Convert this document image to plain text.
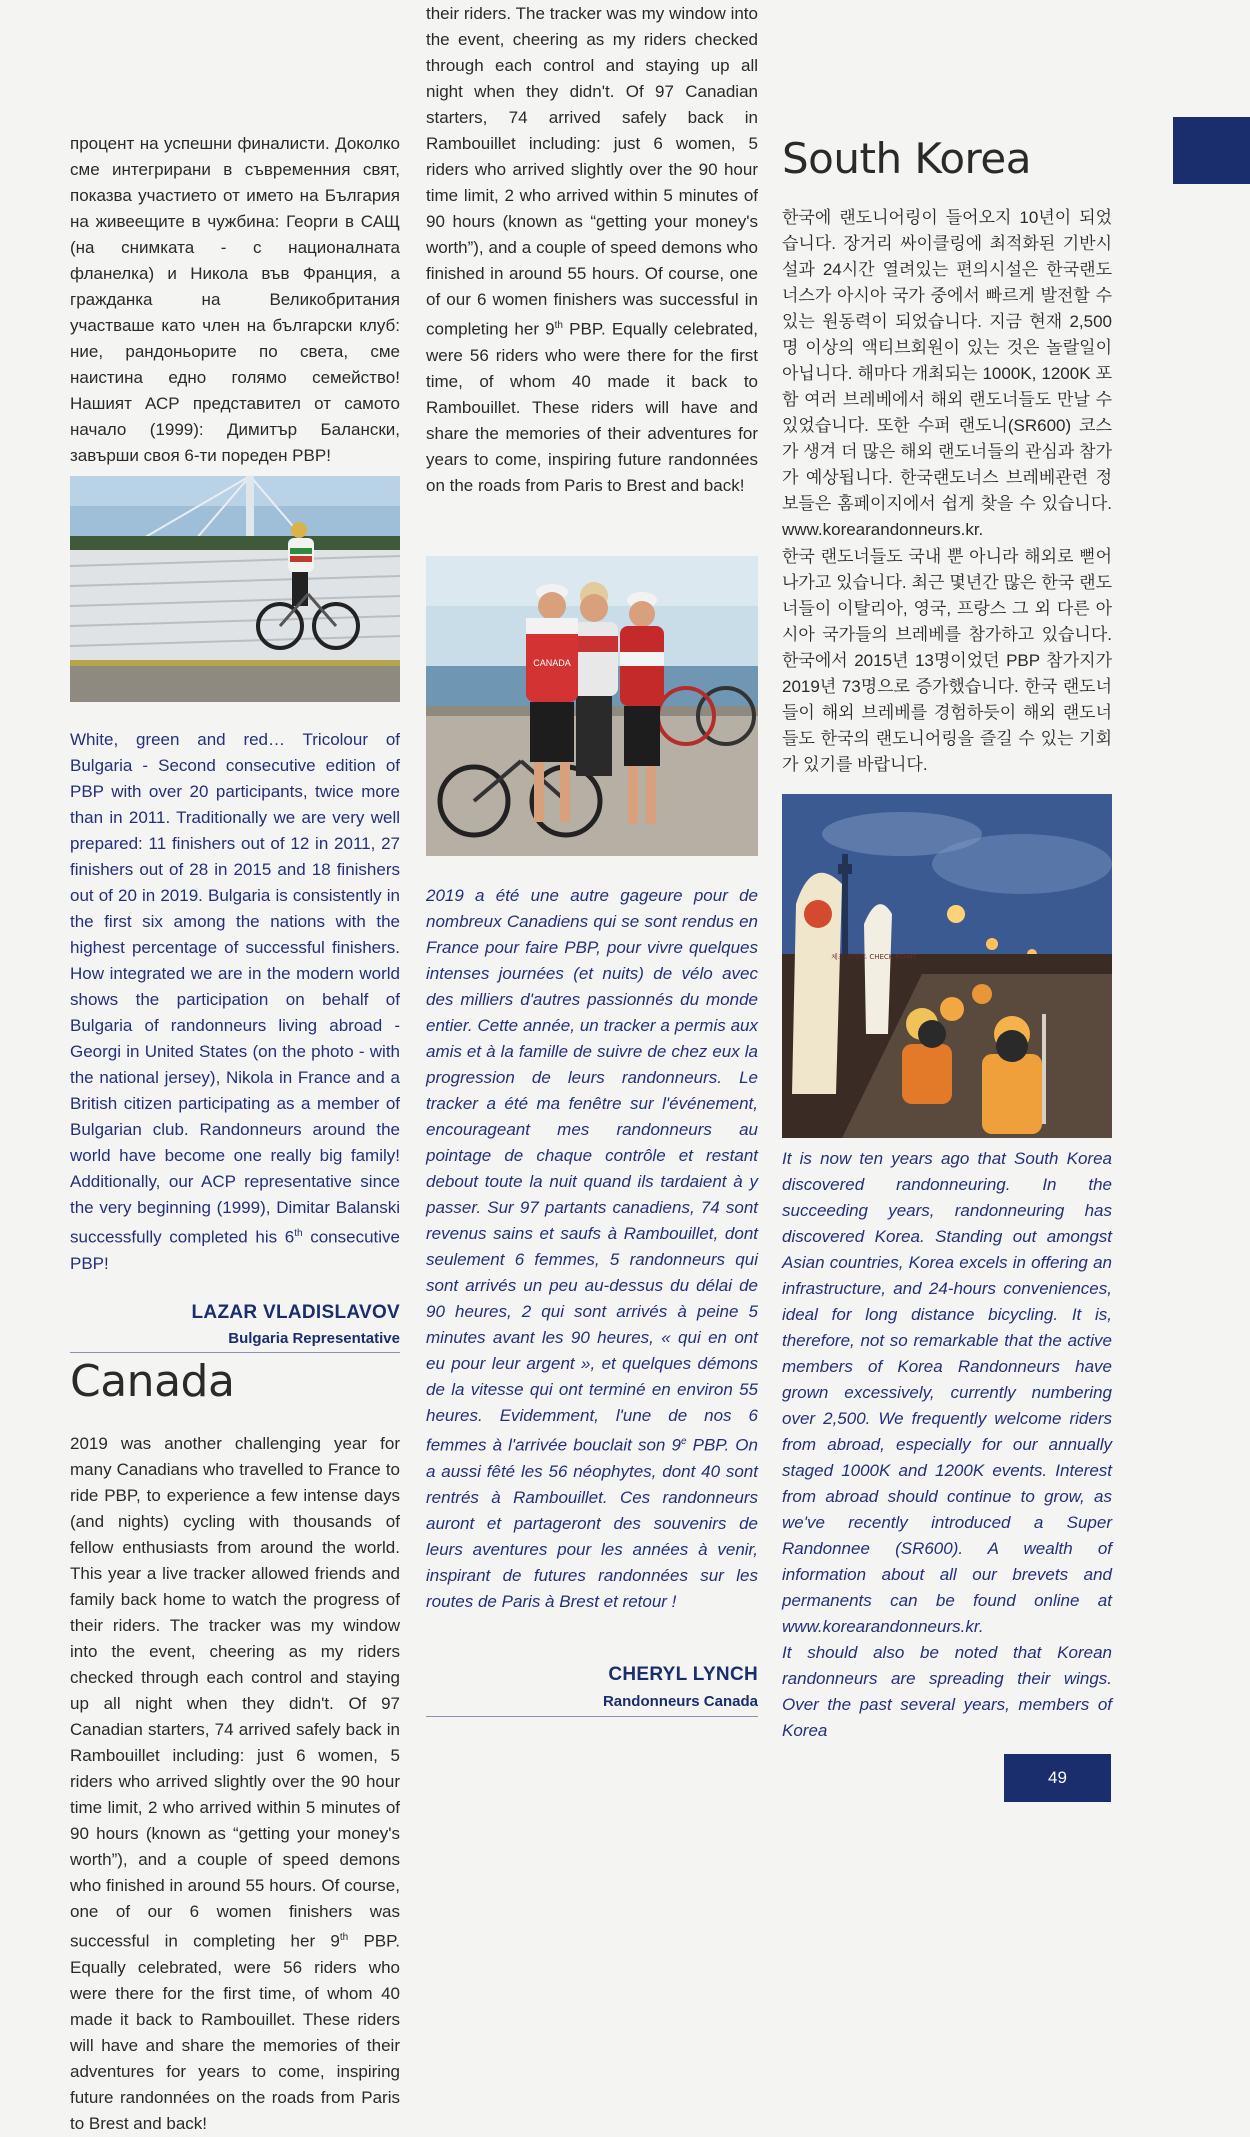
процент на успешни финалисти. Доколко сме интегрирани в съвременния свят, показва участието от името на България на живеещите в чужбина: Георги в САЩ (на снимката - с националната фланелка) и Никола във Франция, а гражданка на Великобритания участваше като член на български клуб: ние, рандоньорите по света, сме наистина едно голямо семейство! Нашият АСР представител от самото начало (1999): Димитър Балански, завърши своя 6-ти пореден PBP!

White, green and red… Tricolour of Bulgaria - Second consecutive edition of PBP with over 20 participants, twice more than in 2011. Traditionally we are very well prepared: 11 finishers out of 12 in 2011, 27 finishers out of 28 in 2015 and 18 finishers out of 20 in 2019. Bulgaria is consistently in the first six among the nations with the highest percentage of successful finishers. How integrated we are in the modern world shows the participation on behalf of Bulgaria of randonneurs living abroad - Georgi in United States (on the photo - with the national jersey), Nikola in France and a British citizen participating as a member of Bulgarian club. Randonneurs around the world have become one really big family! Additionally, our ACP representative since the very beginning (1999), Dimitar Balanski successfully completed his 6th consecutive PBP!

LAZAR VLADISLAVOV
Bulgaria Representative
Canada

2019 was another challenging year for many Canadians who travelled to France to ride PBP, to experience a few intense days (and nights) cycling with thousands of fellow enthusiasts from around the world. This year a live tracker allowed friends and family back home to watch the progress of their riders. The tracker was my window into the event, cheering as my riders checked through each control and staying up all night when they didn't. Of 97 Canadian starters, 74 arrived safely back in Rambouillet including: just 6 women, 5 riders who arrived slightly over the 90 hour time limit, 2 who arrived within 5 minutes of 90 hours (known as “getting your money's worth”), and a couple of speed demons who finished in around 55 hours. Of course, one of our 6 women finishers was successful in completing her 9th PBP. Equally celebrated, were 56 riders who were there for the first time, of whom 40 made it back to Rambouillet. These riders will have and share the memories of their adventures for years to come, inspiring future randonnées on the roads from Paris to Brest and back!

their riders. The tracker was my window into the event, cheering as my riders checked through each control and staying up all night when they didn't. Of 97 Canadian starters, 74 arrived safely back in Rambouillet including: just 6 women, 5 riders who arrived slightly over the 90 hour time limit, 2 who arrived within 5 minutes of 90 hours (known as “getting your money's worth”), and a couple of speed demons who finished in around 55 hours. Of course, one of our 6 women finishers was successful in completing her 9th PBP. Equally celebrated, were 56 riders who were there for the first time, of whom 40 made it back to Rambouillet. These riders will have and share the memories of their adventures for years to come, inspiring future randonnées on the roads from Paris to Brest and back!

CANADA

2019 a été une autre gageure pour de nombreux Canadiens qui se sont rendus en France pour faire PBP, pour vivre quelques intenses journées (et nuits) de vélo avec des milliers d'autres passionnés du monde entier. Cette année, un tracker a permis aux amis et à la famille de suivre de chez eux la progression de leurs randonneurs. Le tracker a été ma fenêtre sur l'événement, encourageant mes randonneurs au pointage de chaque contrôle et restant debout toute la nuit quand ils tardaient à y passer. Sur 97 partants canadiens, 74 sont revenus sains et saufs à Rambouillet, dont seulement 6 femmes, 5 randonneurs qui sont arrivés un peu au-dessus du délai de 90 heures, 2 qui sont arrivés à peine 5 minutes avant les 90 heures, « qui en ont eu pour leur argent », et quelques démons de la vitesse qui ont terminé en environ 55 heures. Evidemment, l'une de nos 6 femmes à l'arrivée bouclait son 9e PBP. On a aussi fêté les 56 néophytes, dont 40 sont rentrés à Rambouillet. Ces randonneurs auront et partageront des souvenirs de leurs aventures pour les années à venir, inspirant de futures randonnées sur les routes de Paris à Brest et retour !

CHERYL LYNCH
Randonneurs Canada
South Korea

한국에 랜도니어링이 들어오지 10년이 되었습니다. 장거리 싸이클링에 최적화된 기반시설과 24시간 열려있는 편의시설은 한국랜도너스가 아시아 국가 중에서 빠르게 발전할 수 있는 원동력이 되었습니다. 지금 현재 2,500명 이상의 액티브회원이 있는 것은 놀랄일이 아닙니다. 해마다 개최되는 1000K, 1200K 포함 여러 브레베에서 해외 랜도너들도 만날 수 있었습니다. 또한 수퍼 랜도니(SR600) 코스가 생겨 더 많은 해외 랜도너들의 관심과 참가가 예상됩니다. 한국랜도너스 브레베관련 정보들은 홈페이지에서 쉽게 찾을 수 있습니다. www.korearandonneurs.kr.

한국 랜도너들도 국내 뿐 아니라 해외로 뻗어나가고 있습니다. 최근 몇년간 많은 한국 랜도너들이 이탈리아, 영국, 프랑스 그 외 다른 아시아 국가들의 브레베를 참가하고 있습니다. 한국에서 2015년 13명이었던 PBP 참가지가 2019년 73명으로 증가했습니다. 한국 랜도너들이 해외 브레베를 경험하듯이 해외 랜도너들도 한국의 랜도니어링을 즐길 수 있는 기회가 있기를 바랍니다.

체크 포인트 CHECK POINT

It is now ten years ago that South Korea discovered randonneuring. In the succeeding years, randonneuring has discovered Korea. Standing out amongst Asian countries, Korea excels in offering an infrastructure, and 24-hours conveniences, ideal for long distance bicycling. It is, therefore, not so remarkable that the active members of Korea Randonneurs have grown excessively, currently numbering over 2,500. We frequently welcome riders from abroad, especially for our annually staged 1000K and 1200K events. Interest from abroad should continue to grow, as we've recently introduced a Super Randonnee (SR600). A wealth of information about all our brevets and permanents can be found online at www.korearandonneurs.kr.

It should also be noted that Korean randonneurs are spreading their wings. Over the past several years, members of Korea

49
